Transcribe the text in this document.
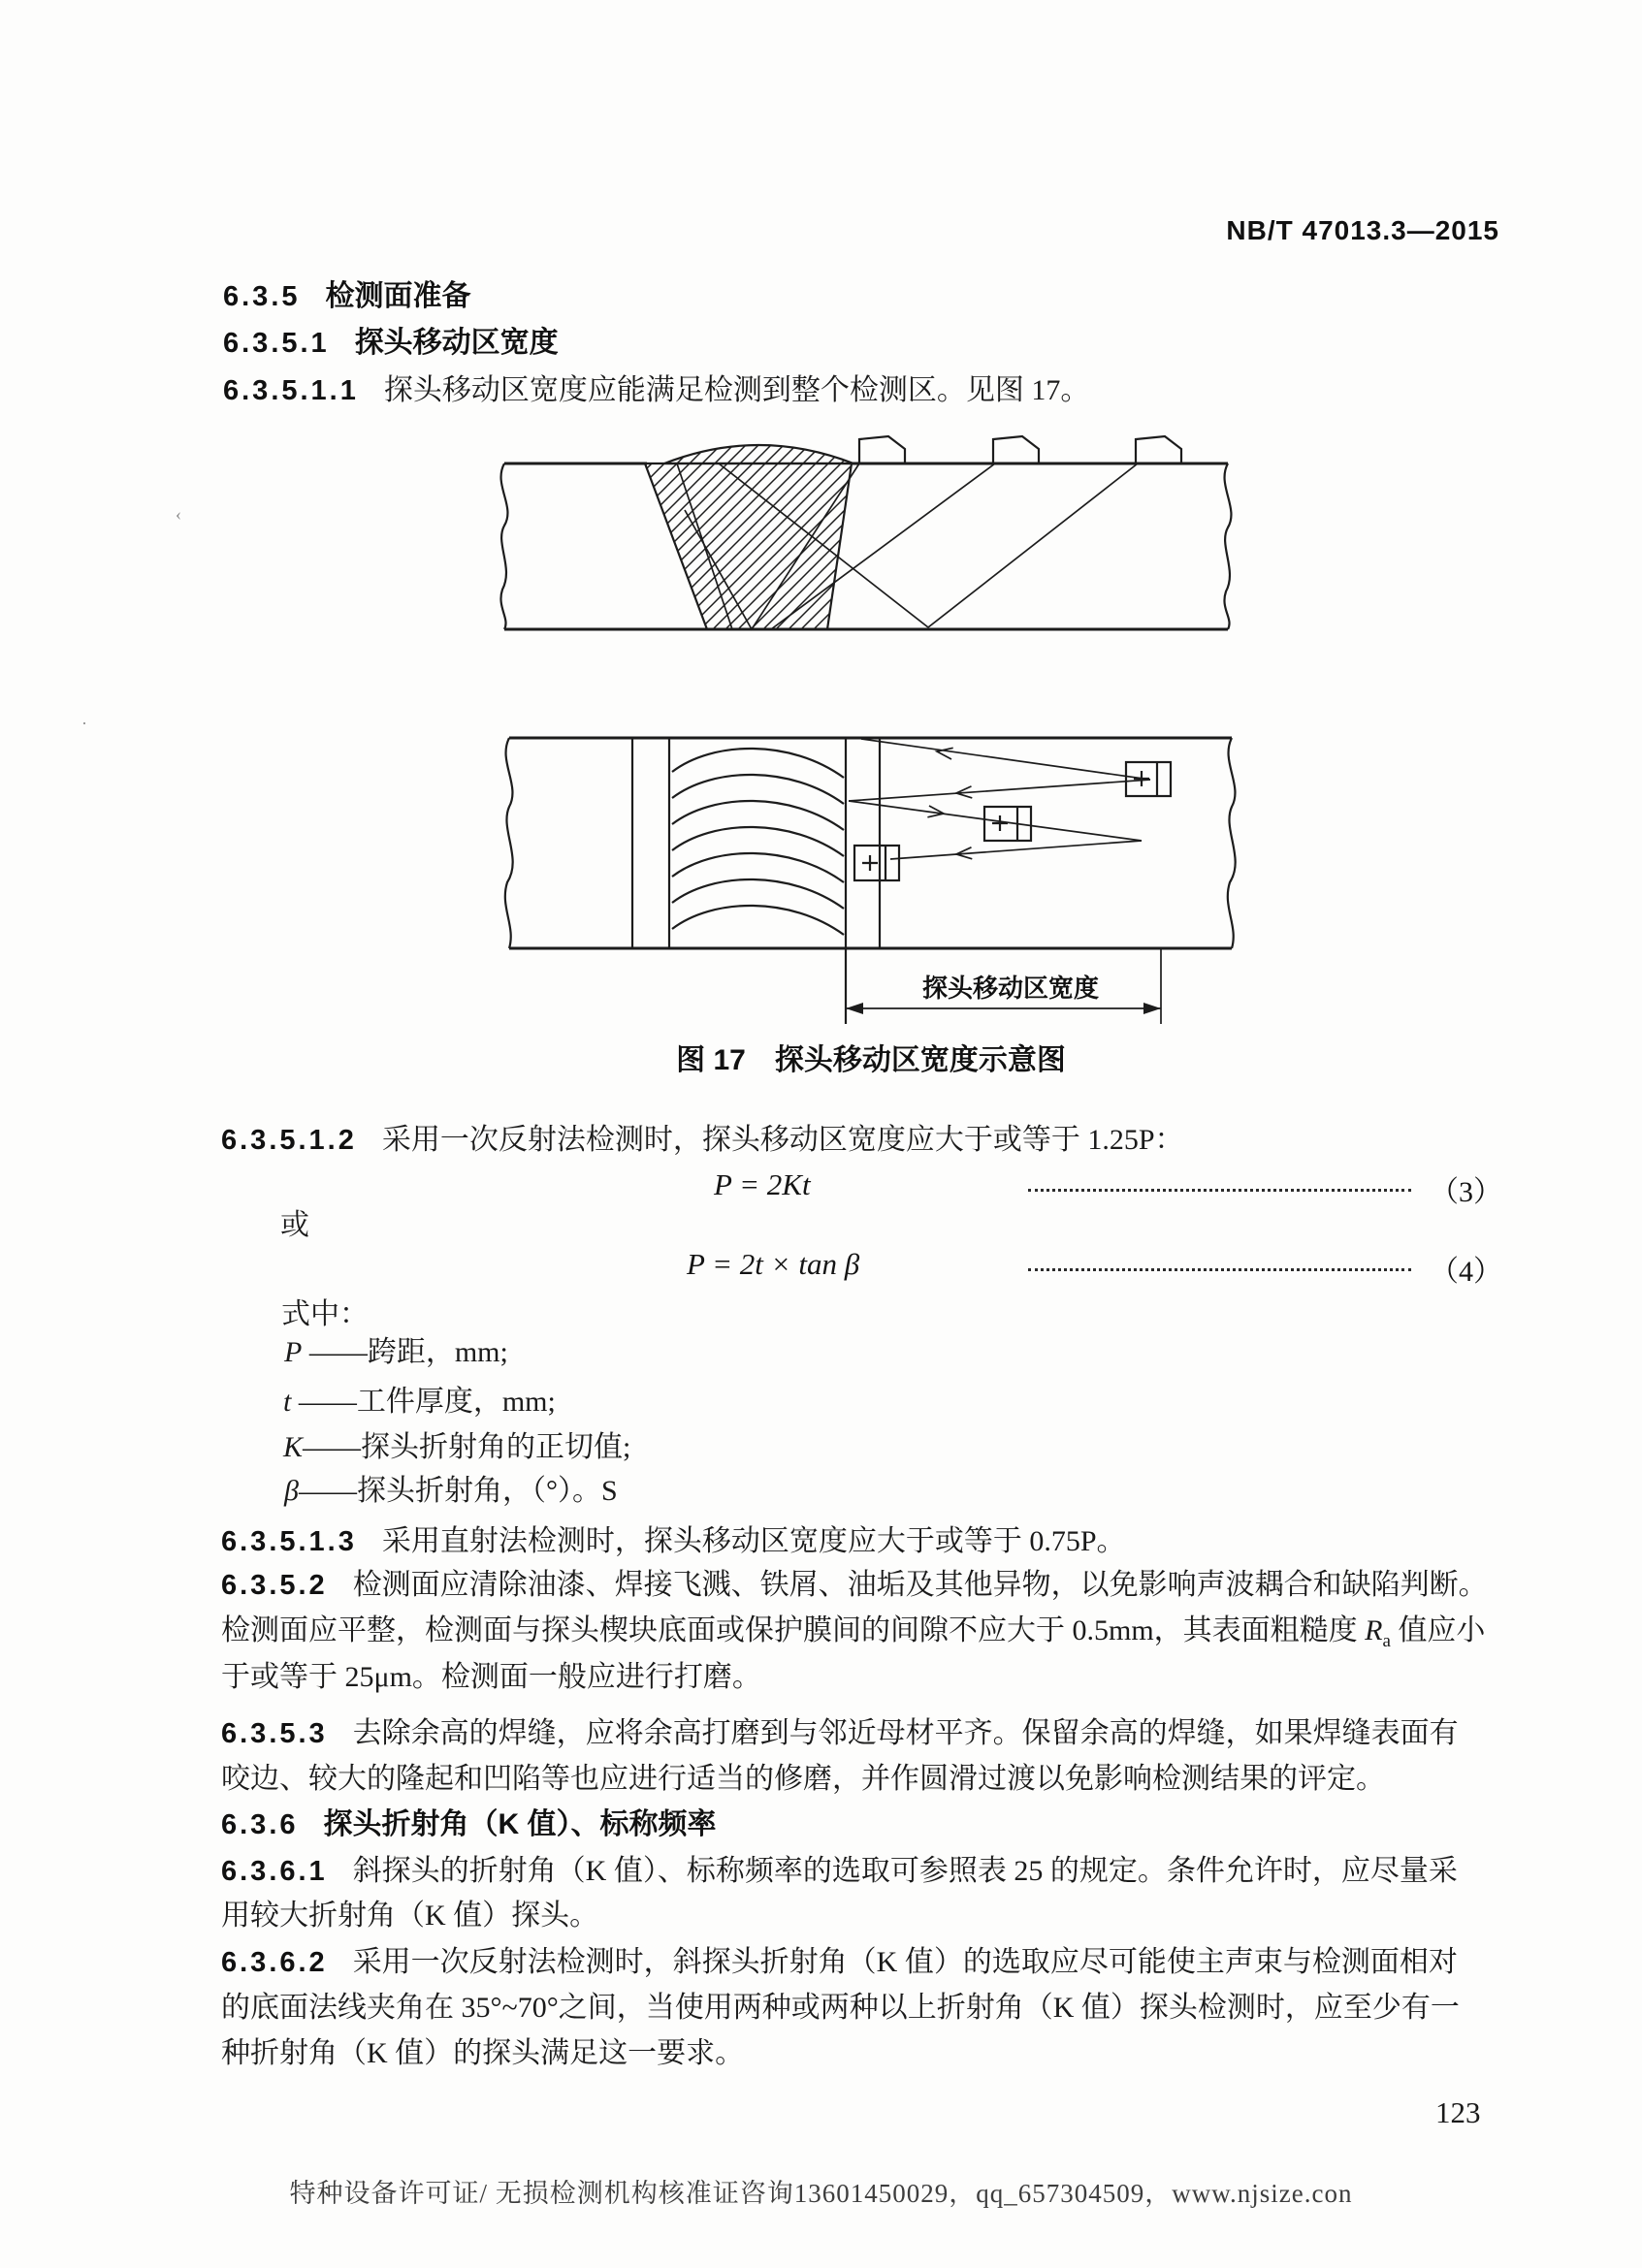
NB/T 47013.3—2015
6.3.5 检测面准备
6.3.5.1 探头移动区宽度
6.3.5.1.1 探头移动区宽度应能满足检测到整个检测区。见图 17。
探头移动区宽度
图 17　探头移动区宽度示意图
6.3.5.1.2 采用一次反射法检测时，探头移动区宽度应大于或等于 1.25P：
P = 2Kt	（3）
或
P = 2t × tan β	（4）
式中：
P ——跨距，mm;
t ——工件厚度，mm;
K——探头折射角的正切值;
β——探头折射角，（°）。S
6.3.5.1.3 采用直射法检测时，探头移动区宽度应大于或等于 0.75P。
6.3.5.2 检测面应清除油漆、焊接飞溅、铁屑、油垢及其他异物，以免影响声波耦合和缺陷判断。
检测面应平整，检测面与探头楔块底面或保护膜间的间隙不应大于 0.5mm，其表面粗糙度 $R_a$ 值应小
于或等于 25μm。检测面一般应进行打磨。
6.3.5.3 去除余高的焊缝，应将余高打磨到与邻近母材平齐。保留余高的焊缝，如果焊缝表面有
咬边、较大的隆起和凹陷等也应进行适当的修磨，并作圆滑过渡以免影响检测结果的评定。
6.3.6 探头折射角（K 值）、标称频率
6.3.6.1 斜探头的折射角（K 值）、标称频率的选取可参照表 25 的规定。条件允许时，应尽量采
用较大折射角（K 值）探头。
6.3.6.2 采用一次反射法检测时，斜探头折射角（K 值）的选取应尽可能使主声束与检测面相对
的底面法线夹角在 35°~70°之间，当使用两种或两种以上折射角（K 值）探头检测时，应至少有一
种折射角（K 值）的探头满足这一要求。
123
特种设备许可证/ 无损检测机构核准证咨询13601450029，qq_657304509，www.njsize.con
‹
·
